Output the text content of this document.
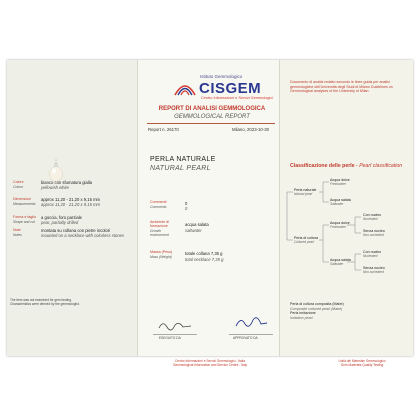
Istituto Gemmologico
CISGEM
Centro Informazioni e Servizi Gemmologici
REPORT DI ANALISI GEMMOLOGICA
GEMMOLOGICAL REPORT
Report n. 26170	Milano, 2023-10-30
PERLA NATURALE
NATURAL PEARL
Colore
Colour
bianco con sfumatura gialla
yellowish white
Dimensioni
Measurements
approx 11,20 - 21,20 x 9,15 mm
approx 11,20 - 21,20 x 9,15 mm
Forma e taglio
Shape and cut
a goccia, foro parziale
pear, partially drilled
Note
Notes
montata su collana con pietre incolori
mounted on a necklace with colorless stones
Commenti
Comments
0
0
Ambiente di formazione
Growth environment
acqua salata
saltwater
Massa (Peso)
Mass (Weight)
totale collana 7,35 g
total necklace 7,35 g
Documento di analisi redatto secondo le linee guida per analisi gemmologiche dell'Università degli Studi di Milano Guidelines on Gemmological analyses of the University of Milan
Classificazione delle perle - Pearl classification
Perla naturale
Natural pearl
Acqua dolce
Freshwater
Acqua salata
Saltwater
Perla di coltura
Cultured pearl
Acqua dolce
Freshwater
Acqua salata
Saltwater
Con nucleo
Nucleated
Senza nucleo
Non-nucleated
Con nucleo
Nucleated
Senza nucleo
Non-nucleated
Perla di coltura composita (Mabe)
Composite cultured pearl (Mabe)
Perla imitazione
Imitation pearl
ESEGUITO DA	APPROVATO DA
The item was not examined for gem testing.
Characteristics were derived by the gemmologist.
Centro Informazioni e Servizi Gemmologici - Italia
Gemmological Information and Service Centre - Italy
Unità del Materiale Gemmologico
Gem Materials Quality Testing
